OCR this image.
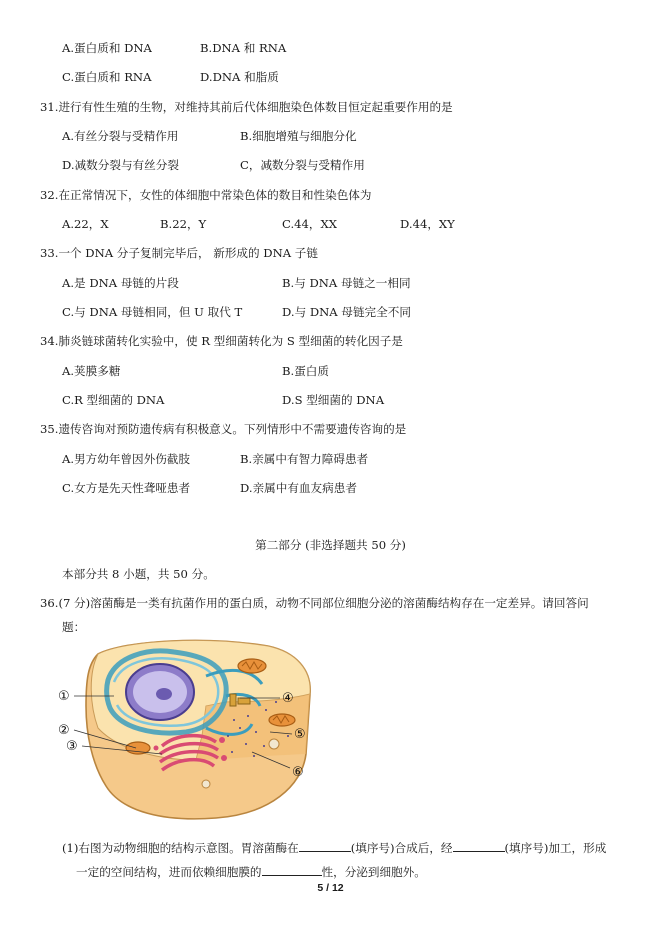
A.蛋白质和 DNA	B.DNA 和 RNA
C.蛋白质和 RNA	D.DNA 和脂质
31.进行有性生殖的生物，对维持其前后代体细胞染色体数目恒定起重要作用的是
A.有丝分裂与受精作用	B.细胞增殖与细胞分化
D.减数分裂与有丝分裂	C，减数分裂与受精作用
32.在正常情况下，女性的体细胞中常染色体的数目和性染色体为
A.22，X	B.22，Y	C.44，XX	D.44，XY
33.一个 DNA 分子复制完毕后， 新形成的 DNA 子链
A.是 DNA 母链的片段	B.与 DNA 母链之一相同
C.与 DNA 母链相同，但 U 取代 T	D.与 DNA 母链完全不同
34.肺炎链球菌转化实验中，使 R 型细菌转化为 S 型细菌的转化因子是
A.荚膜多糖	B.蛋白质
C.R 型细菌的 DNA	D.S 型细菌的 DNA
35.遗传咨询对预防遗传病有积极意义。下列情形中不需要遗传咨询的是
A.男方幼年曾因外伤截肢	B.亲属中有智力障碍患者
C.女方是先天性聋哑患者	D.亲属中有血友病患者
第二部分 (非选择题共 50 分)
本部分共 8 小题，共 50 分。
36.(7 分)溶菌酶是一类有抗菌作用的蛋白质，动物不同部位细胞分泌的溶菌酶结构存在一定差异。请回答问
题：
①
②
③
④
⑤
⑥
(1)右图为动物细胞的结构示意图。胃溶菌酶在	(填序号)合成后，经	(填序号)加工，形成
一定的空间结构，进而依赖细胞膜的	性，分泌到细胞外。
5 / 12
